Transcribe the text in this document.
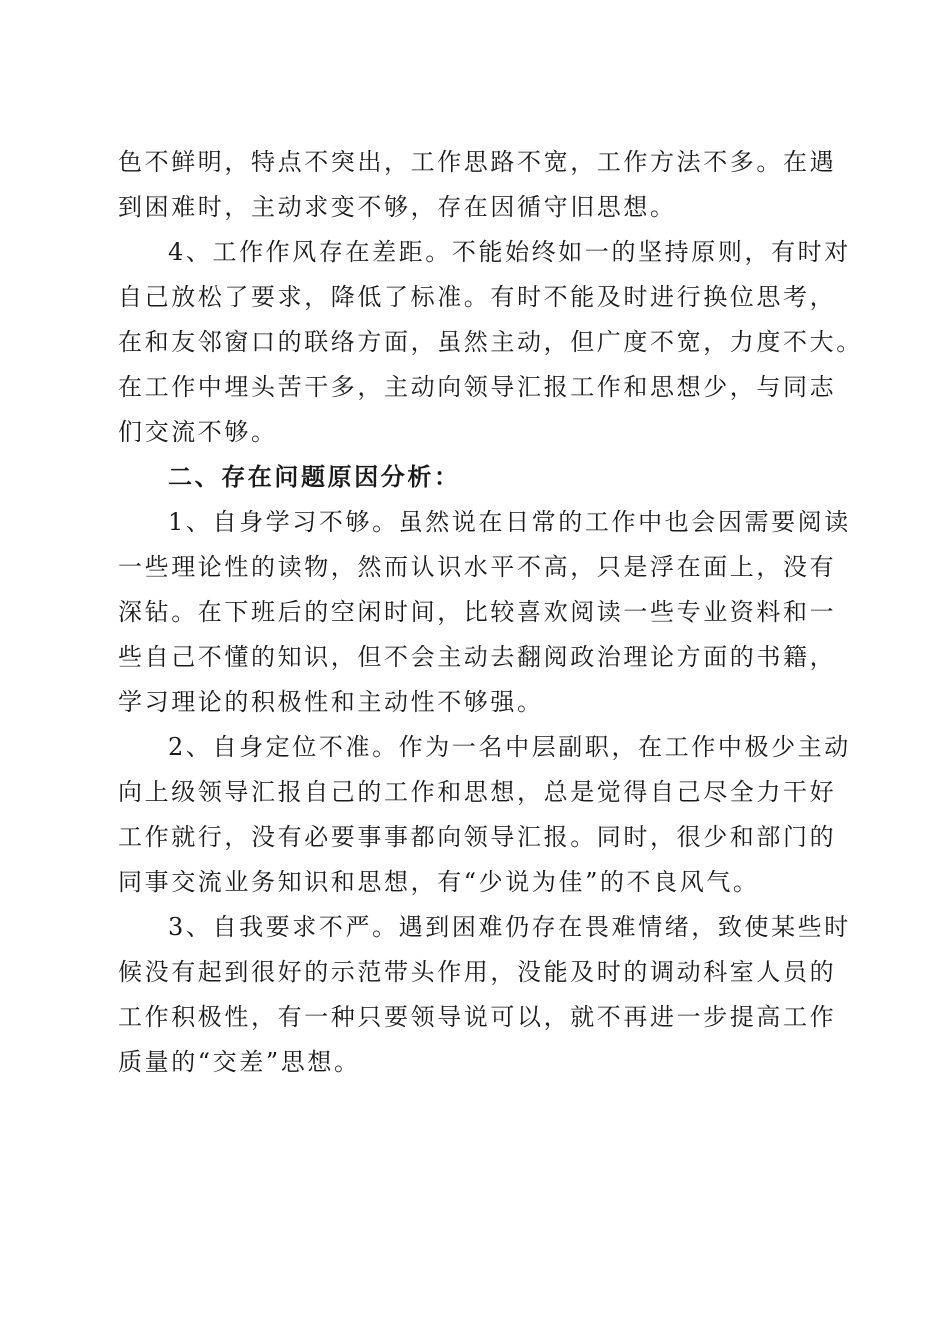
色不鲜明，特点不突出，工作思路不宽，工作方法不多。在遇
到困难时，主动求变不够，存在因循守旧思想。
4、工作作风存在差距。不能始终如一的坚持原则，有时对
自己放松了要求，降低了标准。有时不能及时进行换位思考，
在和友邻窗口的联络方面，虽然主动，但广度不宽，力度不大。
在工作中埋头苦干多，主动向领导汇报工作和思想少，与同志
们交流不够。
二、存在问题原因分析：
1、自身学习不够。虽然说在日常的工作中也会因需要阅读
一些理论性的读物，然而认识水平不高，只是浮在面上，没有
深钻。在下班后的空闲时间，比较喜欢阅读一些专业资料和一
些自己不懂的知识，但不会主动去翻阅政治理论方面的书籍，
学习理论的积极性和主动性不够强。
2、自身定位不准。作为一名中层副职，在工作中极少主动
向上级领导汇报自己的工作和思想，总是觉得自己尽全力干好
工作就行，没有必要事事都向领导汇报。同时，很少和部门的
同事交流业务知识和思想，有“少说为佳”的不良风气。
3、自我要求不严。遇到困难仍存在畏难情绪，致使某些时
候没有起到很好的示范带头作用，没能及时的调动科室人员的
工作积极性，有一种只要领导说可以，就不再进一步提高工作
质量的“交差”思想。
